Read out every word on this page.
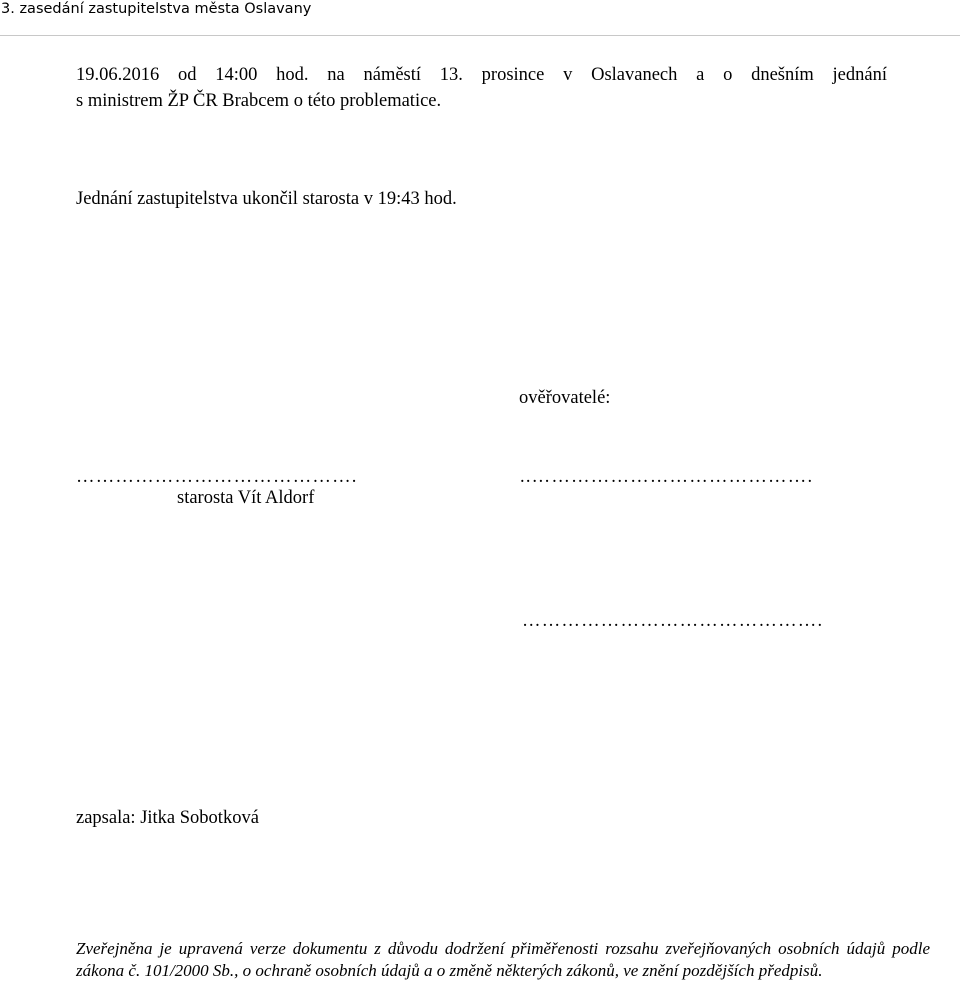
3. zasedání zastupitelstva města Oslavany
19.06.2016 od 14:00 hod. na náměstí 13. prosince v Oslavanech a o dnešním jednání
s ministrem ŽP ČR Brabcem o této problematice.
Jednání zastupitelstva ukončil starosta v 19:43 hod.
ověřovatelé:
…………………………………….
starosta Vít Aldorf
..…………………………………….
……………………………………….
zapsala: Jitka Sobotková
Zveřejněna je upravená verze dokumentu z důvodu dodržení přiměřenosti rozsahu zveřejňovaných osobních údajů podle zákona č. 101/2000 Sb., o ochraně osobních údajů a o změně některých zákonů, ve znění pozdějších předpisů.
